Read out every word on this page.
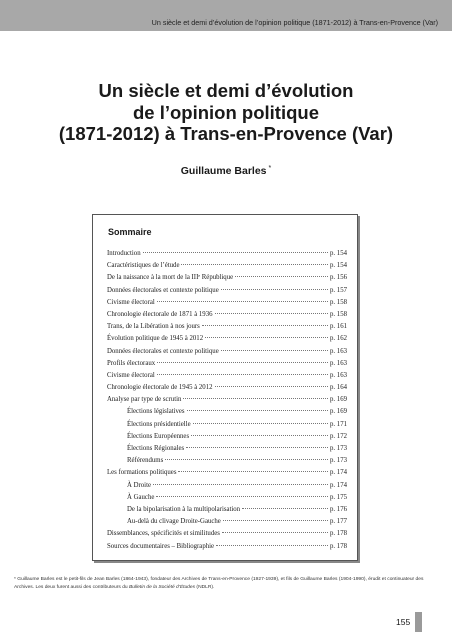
Un siècle et demi d’évolution de l’opinion politique (1871-2012) à Trans-en-Provence (Var)
Un siècle et demi d’évolution
de l’opinion politique
(1871-2012) à Trans-en-Provence (Var)
Guillaume Barles *
Sommaire
Introduction	p. 154
Caractéristiques de l’étude	p. 154
De la naissance à la mort de la IIIᵉ République	p. 156
Données électorales et contexte politique	p. 157
Civisme électoral	p. 158
Chronologie électorale de 1871 à 1936	p. 158
Trans, de la Libération à nos jours	p. 161
Évolution politique de 1945 à 2012	p. 162
Données électorales et contexte politique	p. 163
Profils électoraux	p. 163
Civisme électoral	p. 163
Chronologie électorale de 1945 à 2012	p. 164
Analyse par type de scrutin	p. 169
Élections législatives	p. 169
Élections présidentielle	p. 171
Élections Européennes	p. 172
Élections Régionales	p. 173
Référendums	p. 173
Les formations politiques	p. 174
À Droite	p. 174
À Gauche	p. 175
De la bipolarisation à la multipolarisation	p. 176
Au-delà du clivage Droite-Gauche	p. 177
Dissemblances, spécificités et similitudes	p. 178
Sources documentaires – Bibliographie	p. 178
* Guillaume Barles est le petit-fils de Jean Barles (1864-1943), fondateur des Archives de Trans-en-Provence (1927-1939), et fils de Guillaume Barles (1904-1990), érudit et continuateur des Archives. Les deux furent aussi des contributeurs du Bulletin de la Société d’Études (NDLR).
155
